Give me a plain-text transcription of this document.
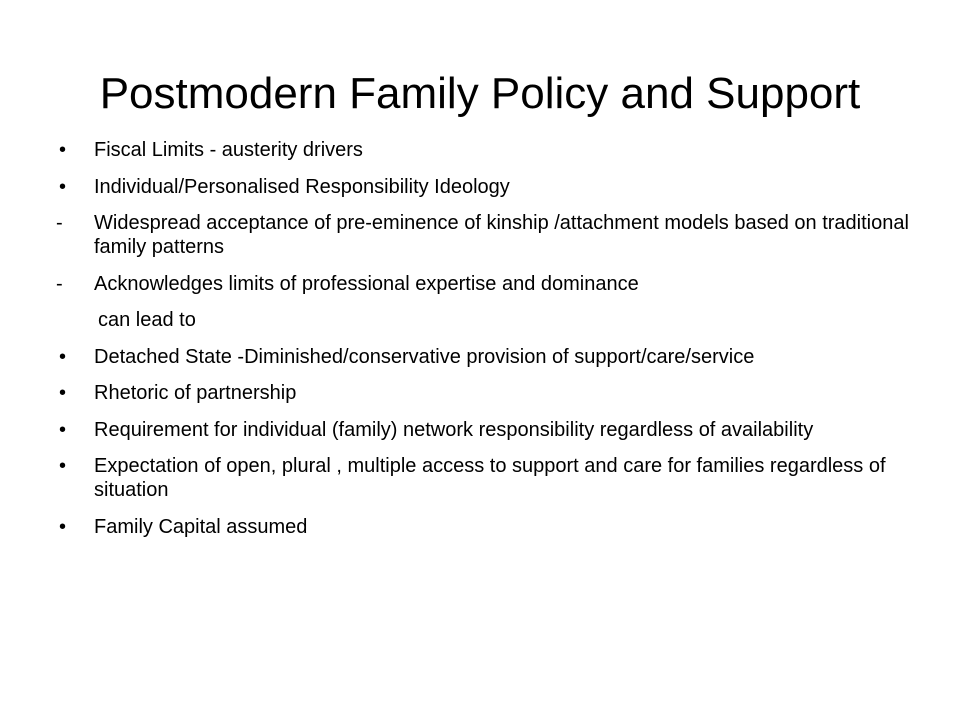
Postmodern Family Policy and Support
•	Fiscal Limits - austerity drivers
•	Individual/Personalised Responsibility Ideology
-	Widespread acceptance of pre-eminence of kinship /attachment models based on traditional family patterns
-	Acknowledges limits of professional expertise and dominance
can lead to
•	Detached State -Diminished/conservative provision of support/care/service
•	Rhetoric of partnership
•	Requirement for individual (family) network responsibility regardless of availability
•	Expectation of open, plural , multiple access to support and care for families regardless of situation
•	Family Capital assumed
